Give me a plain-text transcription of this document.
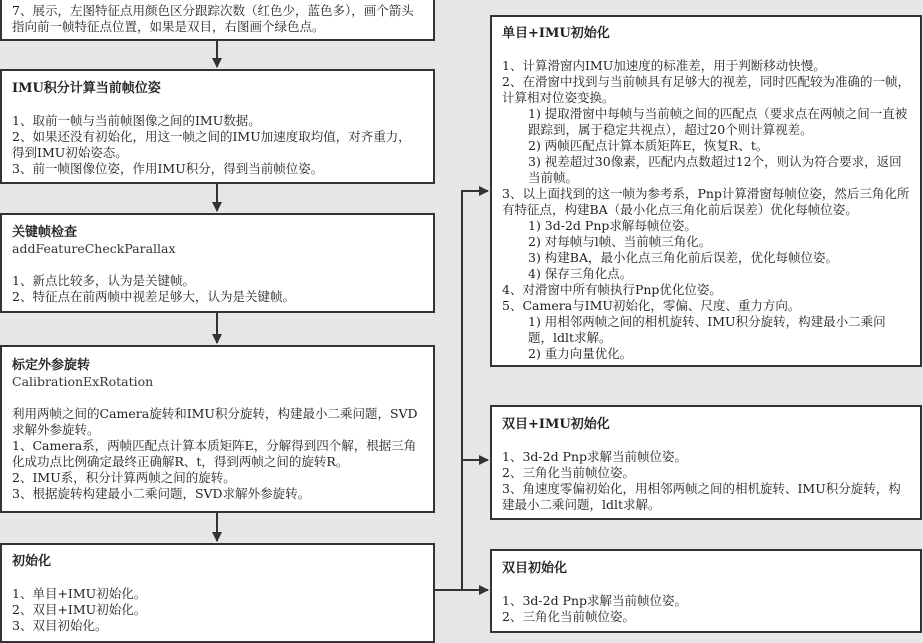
7、展示，左图特征点用颜色区分跟踪次数（红色少，蓝色多），画个箭头指向前一帧特征点位置，如果是双目，右图画个绿色点。

IMU积分计算当前帧位姿

1、取前一帧与当前帧图像之间的IMU数据。

2、如果还没有初始化，用这一帧之间的IMU加速度取均值，对齐重力，得到IMU初始姿态。

3、前一帧图像位姿，作用IMU积分，得到当前帧位姿。

关键帧检查

addFeatureCheckParallax

1、新点比较多，认为是关键帧。

2、特征点在前两帧中视差足够大，认为是关键帧。

标定外参旋转

CalibrationExRotation

利用两帧之间的Camera旋转和IMU积分旋转，构建最小二乘问题，SVD求解外参旋转。

1、Camera系，两帧匹配点计算本质矩阵E，分解得到四个解，根据三角化成功点比例确定最终正确解R、t，得到两帧之间的旋转R。

2、IMU系，积分计算两帧之间的旋转。

3、根据旋转构建最小二乘问题，SVD求解外参旋转。

初始化

1、单目+IMU初始化。

2、双目+IMU初始化。

3、双目初始化。

单目+IMU初始化

1、计算滑窗内IMU加速度的标准差，用于判断移动快慢。

2、在滑窗中找到与当前帧具有足够大的视差，同时匹配较为准确的一帧，计算相对位姿变换。

1) 提取滑窗中每帧与当前帧之间的匹配点（要求点在两帧之间一直被跟踪到，属于稳定共视点），超过20个则计算视差。

2) 两帧匹配点计算本质矩阵E，恢复R、t。

3) 视差超过30像素，匹配内点数超过12个，则认为符合要求，返回当前帧。

3、以上面找到的这一帧为参考系，Pnp计算滑窗每帧位姿，然后三角化所有特征点，构建BA（最小化点三角化前后误差）优化每帧位姿。

1) 3d-2d Pnp求解每帧位姿。

2) 对每帧与l帧、当前帧三角化。

3) 构建BA，最小化点三角化前后误差，优化每帧位姿。

4) 保存三角化点。

4、对滑窗中所有帧执行Pnp优化位姿。

5、Camera与IMU初始化，零偏、尺度、重力方向。

1) 用相邻两帧之间的相机旋转、IMU积分旋转，构建最小二乘问题，ldlt求解。

2) 重力向量优化。

双目+IMU初始化

1、3d-2d Pnp求解当前帧位姿。

2、三角化当前帧位姿。

3、角速度零偏初始化，用相邻两帧之间的相机旋转、IMU积分旋转，构建最小二乘问题，ldlt求解。

双目初始化

1、3d-2d Pnp求解当前帧位姿。

2、三角化当前帧位姿。
